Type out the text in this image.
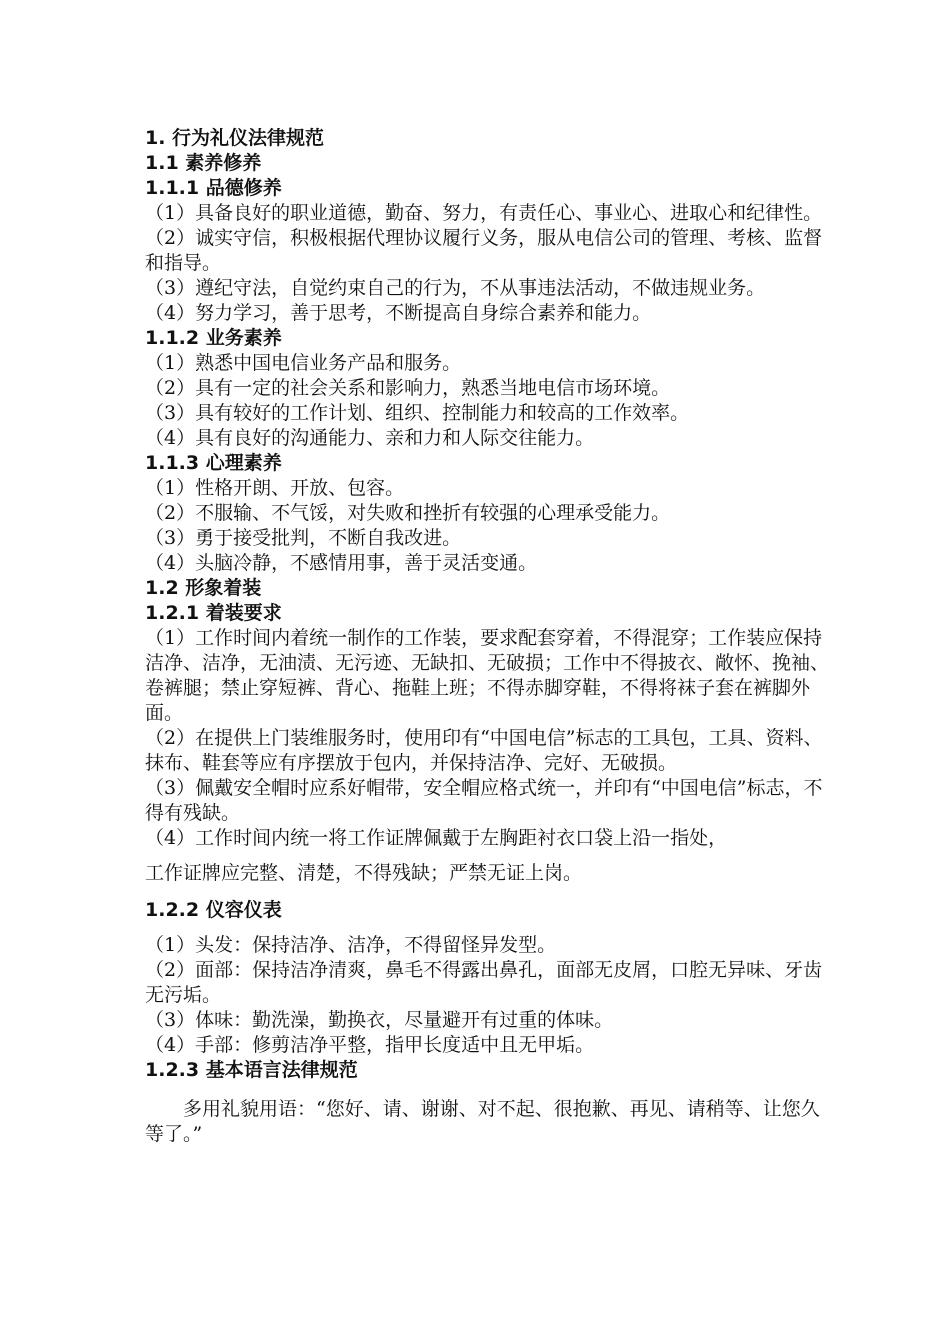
1. 行为礼仪法律规范
1.1 素养修养
1.1.1 品德修养

（1）具备良好的职业道德，勤奋、努力，有责任心、事业心、进取心和纪律性。

（2）诚实守信，积极根据代理协议履行义务，服从电信公司的管理、考核、监督和指导。

（3）遵纪守法，自觉约束自己的行为，不从事违法活动，不做违规业务。

（4）努力学习，善于思考，不断提高自身综合素养和能力。

1.1.2 业务素养

（1）熟悉中国电信业务产品和服务。

（2）具有一定的社会关系和影响力，熟悉当地电信市场环境。

（3）具有较好的工作计划、组织、控制能力和较高的工作效率。

（4）具有良好的沟通能力、亲和力和人际交往能力。

1.1.3 心理素养

（1）性格开朗、开放、包容。

（2）不服输、不气馁，对失败和挫折有较强的心理承受能力。

（3）勇于接受批判，不断自我改进。

（4）头脑冷静，不感情用事，善于灵活变通。

1.2 形象着装
1.2.1 着装要求

（1）工作时间内着统一制作的工作装，要求配套穿着，不得混穿；工作装应保持洁净、洁净，无油渍、无污迹、无缺扣、无破损；工作中不得披衣、敞怀、挽袖、卷裤腿；禁止穿短裤、背心、拖鞋上班；不得赤脚穿鞋，不得将袜子套在裤脚外面。

（2）在提供上门装维服务时，使用印有“中国电信”标志的工具包，工具、资料、抹布、鞋套等应有序摆放于包内，并保持洁净、完好、无破损。

（3）佩戴安全帽时应系好帽带，安全帽应格式统一，并印有“中国电信”标志，不得有残缺。

（4）工作时间内统一将工作证牌佩戴于左胸距衬衣口袋上沿一指处，

工作证牌应完整、清楚，不得残缺；严禁无证上岗。

1.2.2 仪容仪表

（1）头发：保持洁净、洁净，不得留怪异发型。

（2）面部：保持洁净清爽，鼻毛不得露出鼻孔，面部无皮屑，口腔无异味、牙齿无污垢。

（3）体味：勤洗澡，勤换衣，尽量避开有过重的体味。

（4）手部：修剪洁净平整，指甲长度适中且无甲垢。

1.2.3 基本语言法律规范

多用礼貌用语：“您好、请、谢谢、对不起、很抱歉、再见、请稍等、让您久等了。”
